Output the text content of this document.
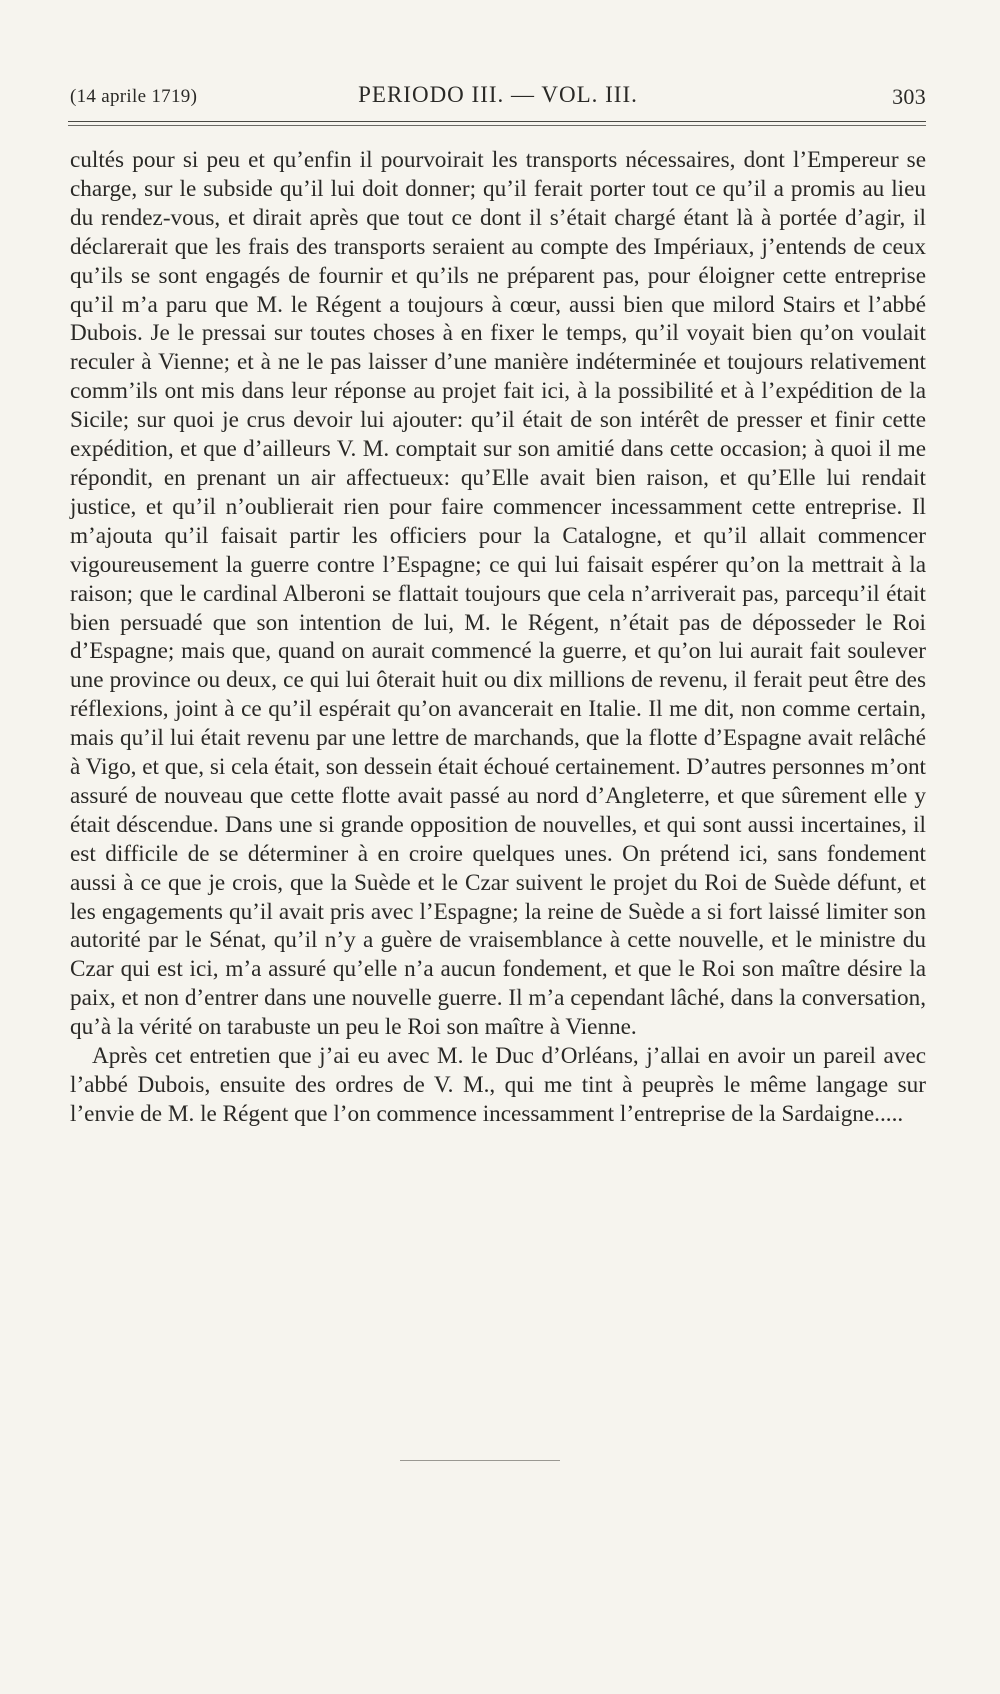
(14 aprile 1719)	PERIODO III. — VOL. III.	303

cultés pour si peu et qu’enfin il pourvoirait les transports nécessaires, dont l’Empereur se charge, sur le subside qu’il lui doit donner; qu’il ferait porter tout ce qu’il a promis au lieu du rendez-vous, et dirait après que tout ce dont il s’était chargé étant là à portée d’agir, il déclarerait que les frais des transports seraient au compte des Impériaux, j’entends de ceux qu’ils se sont engagés de fournir et qu’ils ne préparent pas, pour éloigner cette entreprise qu’il m’a paru que M. le Régent a toujours à cœur, aussi bien que milord Stairs et l’abbé Dubois. Je le pressai sur toutes choses à en fixer le temps, qu’il voyait bien qu’on voulait reculer à Vienne; et à ne le pas laisser d’une manière indéterminée et toujours relativement comm’ils ont mis dans leur réponse au projet fait ici, à la possibilité et à l’expédition de la Sicile; sur quoi je crus devoir lui ajouter: qu’il était de son intérêt de presser et finir cette expédition, et que d’ailleurs V. M. comptait sur son amitié dans cette occasion; à quoi il me répondit, en prenant un air affectueux: qu’Elle avait bien raison, et qu’Elle lui rendait justice, et qu’il n’oublierait rien pour faire commencer incessamment cette entreprise. Il m’ajouta qu’il faisait partir les officiers pour la Catalogne, et qu’il allait commencer vigoureusement la guerre contre l’Espagne; ce qui lui faisait espérer qu’on la mettrait à la raison; que le cardinal Alberoni se flattait toujours que cela n’arriverait pas, parcequ’il était bien persuadé que son intention de lui, M. le Régent, n’était pas de déposseder le Roi d’Espagne; mais que, quand on aurait commencé la guerre, et qu’on lui aurait fait soulever une province ou deux, ce qui lui ôterait huit ou dix millions de revenu, il ferait peut être des réflexions, joint à ce qu’il espérait qu’on avancerait en Italie. Il me dit, non comme certain, mais qu’il lui était revenu par une lettre de marchands, que la flotte d’Espagne avait relâché à Vigo, et que, si cela était, son dessein était échoué certainement. D’autres personnes m’ont assuré de nouveau que cette flotte avait passé au nord d’Angleterre, et que sûrement elle y était déscendue. Dans une si grande opposition de nouvelles, et qui sont aussi incertaines, il est difficile de se déterminer à en croire quelques unes. On prétend ici, sans fondement aussi à ce que je crois, que la Suède et le Czar suivent le projet du Roi de Suède défunt, et les engagements qu’il avait pris avec l’Espagne; la reine de Suède a si fort laissé limiter son autorité par le Sénat, qu’il n’y a guère de vraisemblance à cette nouvelle, et le ministre du Czar qui est ici, m’a assuré qu’elle n’a aucun fondement, et que le Roi son maître désire la paix, et non d’entrer dans une nouvelle guerre. Il m’a cependant lâché, dans la conversation, qu’à la vérité on tarabuste un peu le Roi son maître à Vienne.

Après cet entretien que j’ai eu avec M. le Duc d’Orléans, j’allai en avoir un pareil avec l’abbé Dubois, ensuite des ordres de V. M., qui me tint à peuprès le même langage sur l’envie de M. le Régent que l’on commence incessamment l’entreprise de la Sardaigne.....
